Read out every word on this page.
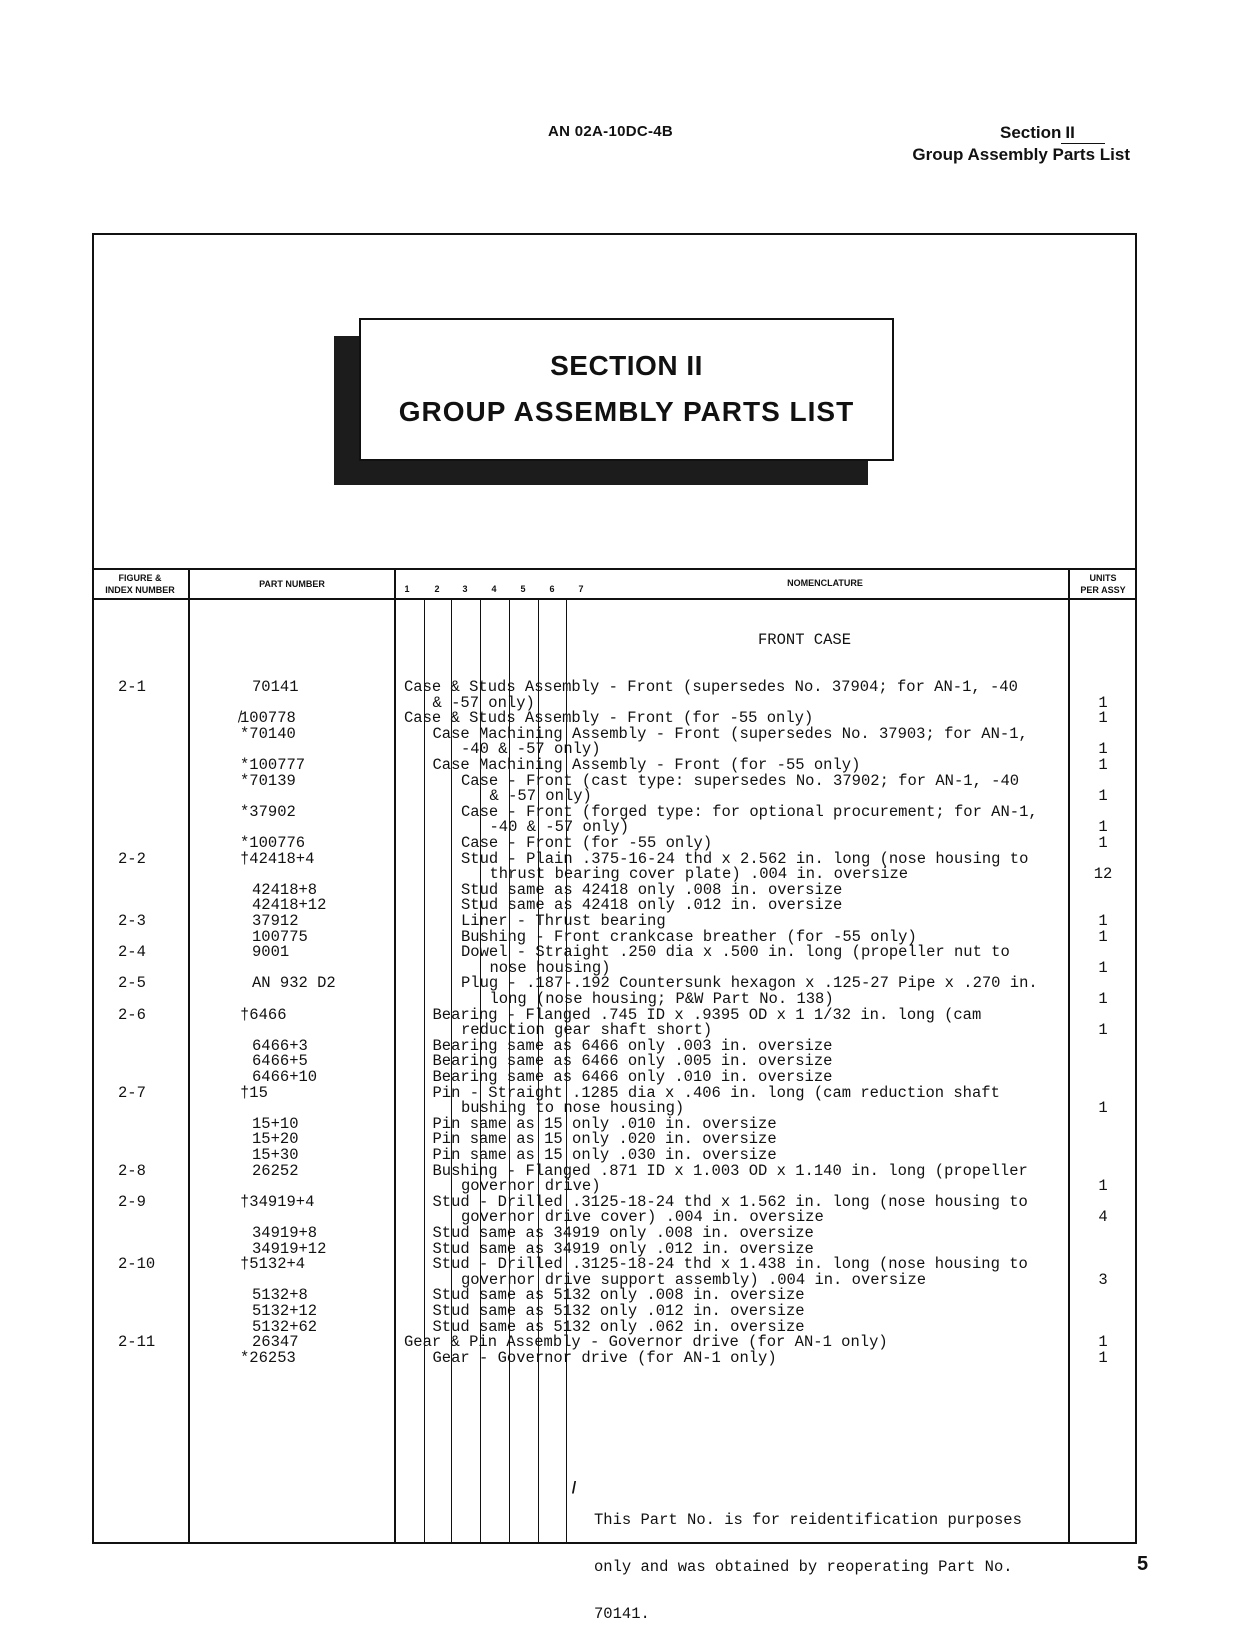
AN 02A-10DC-4B	Section II
Group Assembly Parts List
SECTION II
GROUP ASSEMBLY PARTS LIST
FIGURE &
INDEX NUMBER
PART NUMBER	1	2	3	4	5	6	7
NOMENCLATURE	UNITS
PER ASSY
FRONT CASE
2-1	70141	Case & Studs Assembly - Front (supersedes No. 37904; for AN-1, -40
& -57 only)	1
̸100778	Case & Studs Assembly - Front (for -55 only)	1
*70140	Case Machining Assembly - Front (supersedes No. 37903; for AN-1,
-40 & -57 only)	1
*100777	Case Machining Assembly - Front (for -55 only)	1
*70139	Case - Front (cast type: supersedes No. 37902; for AN-1, -40
& -57 only)	1
*37902	Case - Front (forged type: for optional procurement; for AN-1,
-40 & -57 only)	1
*100776	Case - Front (for -55 only)	1
2-2	†42418+4	Stud - Plain .375-16-24 thd x 2.562 in. long (nose housing to
thrust bearing cover plate) .004 in. oversize	12
42418+8	Stud same as 42418 only .008 in. oversize
42418+12	Stud same as 42418 only .012 in. oversize
2-3	37912	Liner - Thrust bearing	1
100775	Bushing - Front crankcase breather (for -55 only)	1
2-4	9001	Dowel - Straight .250 dia x .500 in. long (propeller nut to
nose housing)	1
2-5	AN 932 D2	Plug - .187-.192 Countersunk hexagon x .125-27 Pipe x .270 in.
long (nose housing; P&W Part No. 138)	1
2-6	†6466	Bearing - Flanged .745 ID x .9395 OD x 1 1/32 in. long (cam
reduction gear shaft short)	1
6466+3	Bearing same as 6466 only .003 in. oversize
6466+5	Bearing same as 6466 only .005 in. oversize
6466+10	Bearing same as 6466 only .010 in. oversize
2-7	†15	Pin - Straight .1285 dia x .406 in. long (cam reduction shaft
bushing to nose housing)	1
15+10	Pin same as 15 only .010 in. oversize
15+20	Pin same as 15 only .020 in. oversize
15+30	Pin same as 15 only .030 in. oversize
2-8	26252	Bushing - Flanged .871 ID x 1.003 OD x 1.140 in. long (propeller
governor drive)	1
2-9	†34919+4	Stud - Drilled .3125-18-24 thd x 1.562 in. long (nose housing to
governor drive cover) .004 in. oversize	4
34919+8	Stud same as 34919 only .008 in. oversize
34919+12	Stud same as 34919 only .012 in. oversize
2-10	†5132+4	Stud - Drilled .3125-18-24 thd x 1.438 in. long (nose housing to
governor drive support assembly) .004 in. oversize	3
5132+8	Stud same as 5132 only .008 in. oversize
5132+12	Stud same as 5132 only .012 in. oversize
5132+62	Stud same as 5132 only .062 in. oversize
2-11	26347	Gear & Pin Assembly - Governor drive (for AN-1 only)	1
*26253	Gear - Governor drive (for AN-1 only)	1

This Part No. is for reidentification purposes

only and was obtained by reoperating Part No.

70141.

5
